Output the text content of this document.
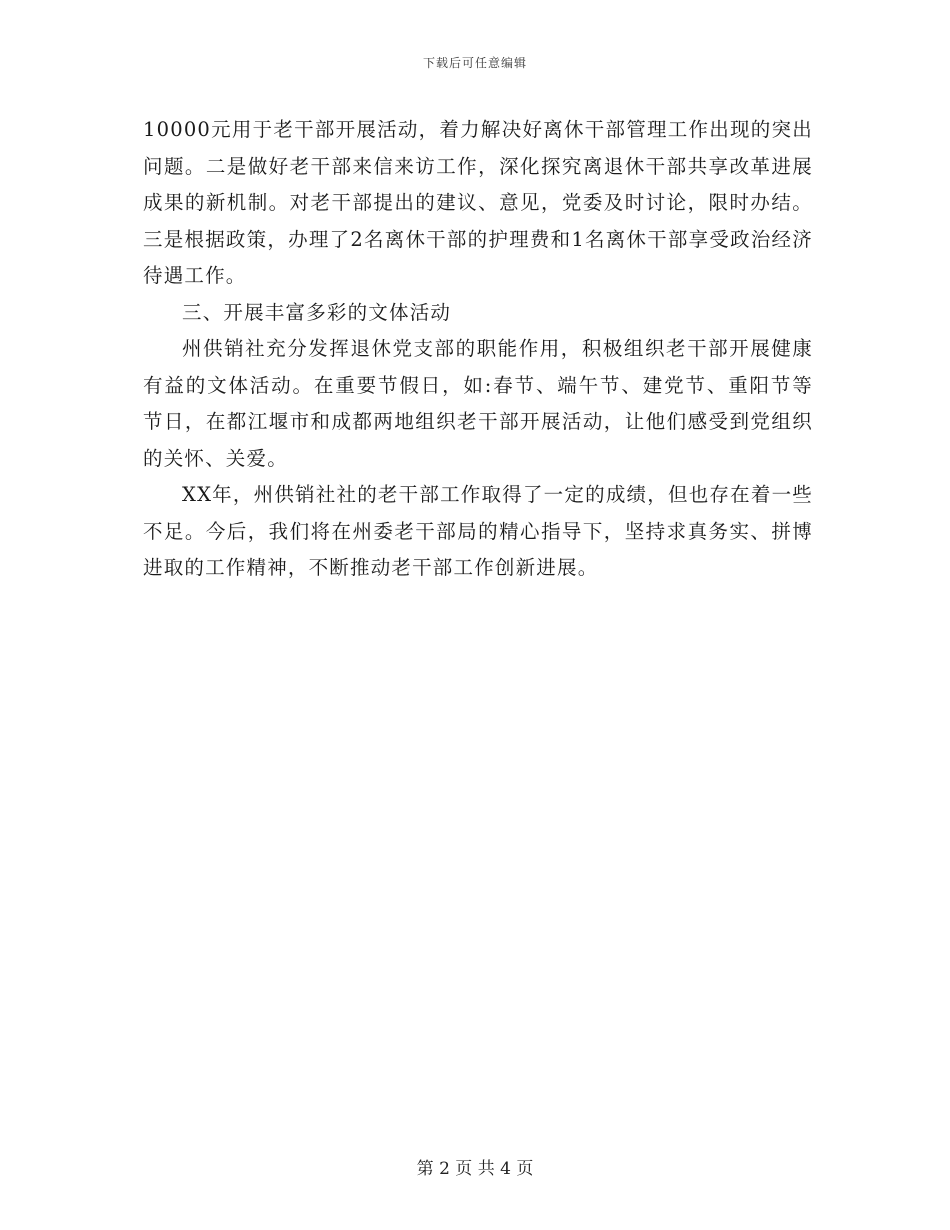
下载后可任意编辑

10000元用于老干部开展活动，着力解决好离休干部管理工作出现的突出问题。二是做好老干部来信来访工作，深化探究离退休干部共享改革进展成果的新机制。对老干部提出的建议、意见，党委及时讨论，限时办结。三是根据政策，办理了2名离休干部的护理费和1名离休干部享受政治经济待遇工作。

三、开展丰富多彩的文体活动

州供销社充分发挥退休党支部的职能作用，积极组织老干部开展健康有益的文体活动。在重要节假日，如:春节、端午节、建党节、重阳节等节日，在都江堰市和成都两地组织老干部开展活动，让他们感受到党组织的关怀、关爱。

XX年，州供销社社的老干部工作取得了一定的成绩，但也存在着一些不足。今后，我们将在州委老干部局的精心指导下，坚持求真务实、拼博进取的工作精神，不断推动老干部工作创新进展。

第 2 页 共 4 页
